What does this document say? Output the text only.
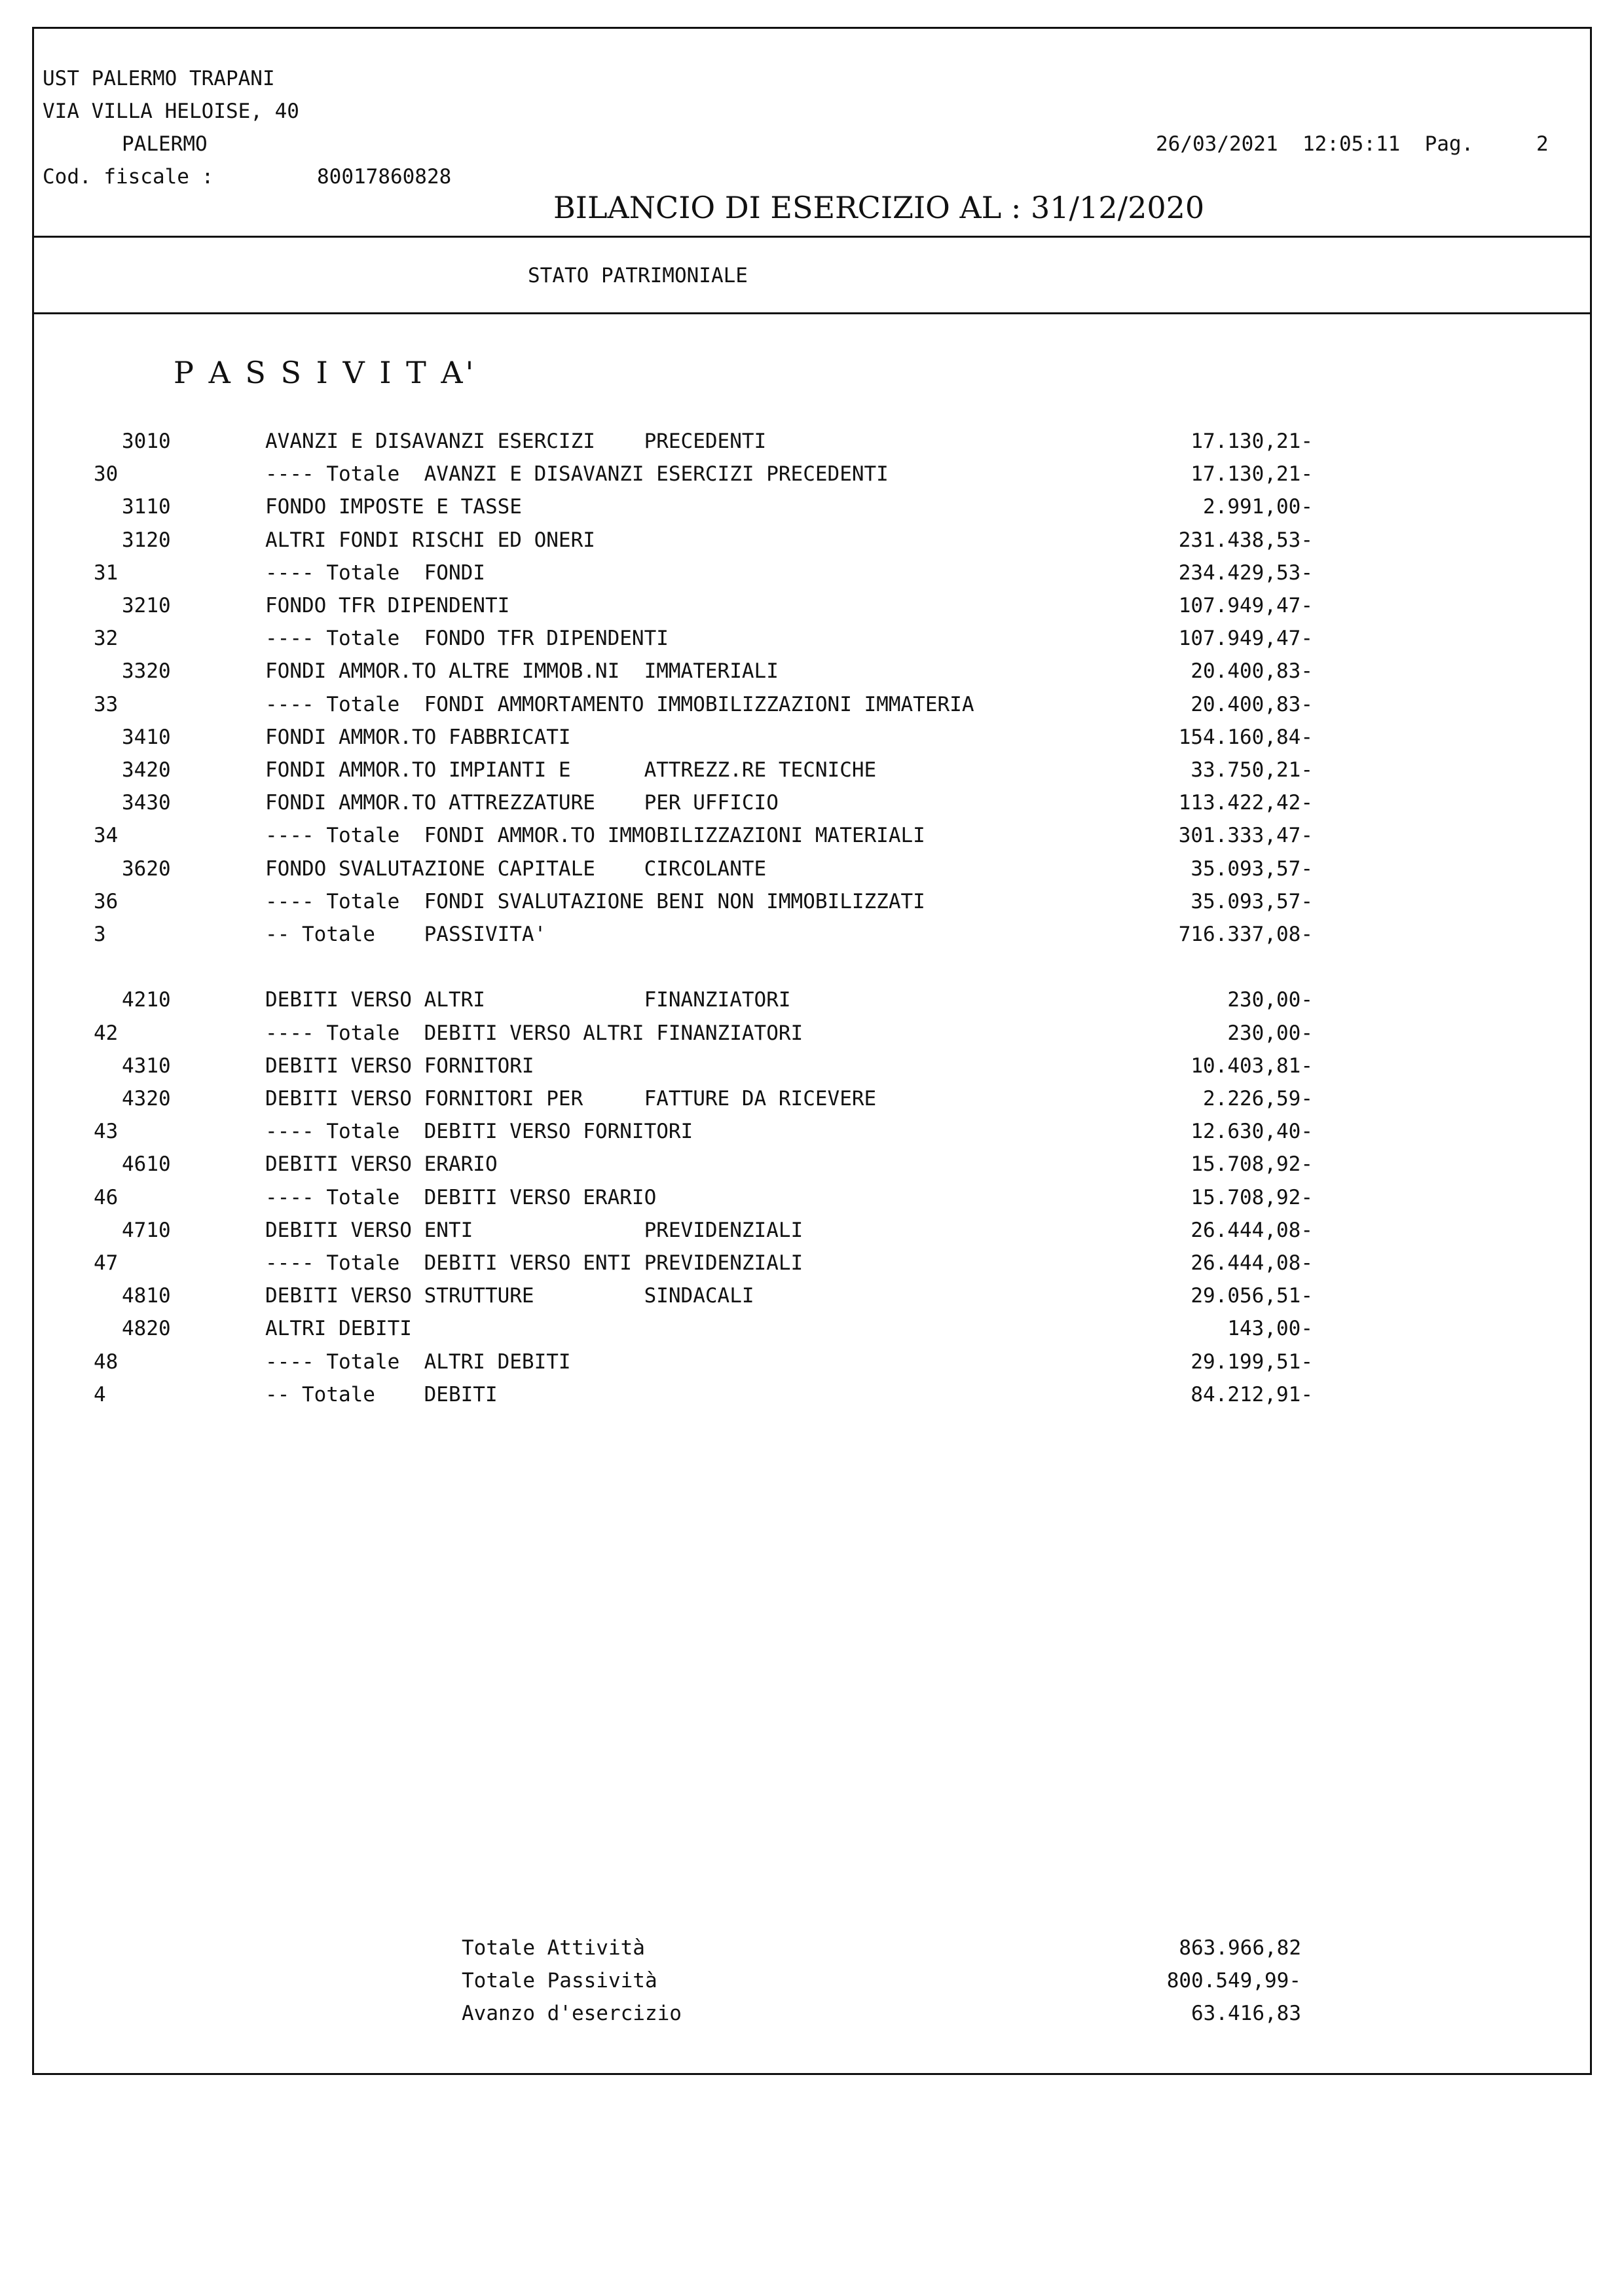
UST PALERMO TRAPANI
VIA VILLA HELOISE, 40
PALERMO
Cod. fiscale :	80017860828
26/03/2021  12:05:11  Pag.	2
BILANCIO DI ESERCIZIO AL : 31/12/2020
STATO PATRIMONIALE
P A S S I V I T A'
3010	AVANZI E DISAVANZI ESERCIZI    PRECEDENTI	17.130,21-
30	---- Totale  AVANZI E DISAVANZI ESERCIZI PRECEDENTI	17.130,21-
3110	FONDO IMPOSTE E TASSE	2.991,00-
3120	ALTRI FONDI RISCHI ED ONERI	231.438,53-
31	---- Totale  FONDI	234.429,53-
3210	FONDO TFR DIPENDENTI	107.949,47-
32	---- Totale  FONDO TFR DIPENDENTI	107.949,47-
3320	FONDI AMMOR.TO ALTRE IMMOB.NI  IMMATERIALI	20.400,83-
33	---- Totale  FONDI AMMORTAMENTO IMMOBILIZZAZIONI IMMATERIA	20.400,83-
3410	FONDI AMMOR.TO FABBRICATI	154.160,84-
3420	FONDI AMMOR.TO IMPIANTI E      ATTREZZ.RE TECNICHE	33.750,21-
3430	FONDI AMMOR.TO ATTREZZATURE    PER UFFICIO	113.422,42-
34	---- Totale  FONDI AMMOR.TO IMMOBILIZZAZIONI MATERIALI	301.333,47-
3620	FONDO SVALUTAZIONE CAPITALE    CIRCOLANTE	35.093,57-
36	---- Totale  FONDI SVALUTAZIONE BENI NON IMMOBILIZZATI	35.093,57-
3	-- Totale    PASSIVITA'	716.337,08-
4210	DEBITI VERSO ALTRI             FINANZIATORI	230,00-
42	---- Totale  DEBITI VERSO ALTRI FINANZIATORI	230,00-
4310	DEBITI VERSO FORNITORI	10.403,81-
4320	DEBITI VERSO FORNITORI PER     FATTURE DA RICEVERE	2.226,59-
43	---- Totale  DEBITI VERSO FORNITORI	12.630,40-
4610	DEBITI VERSO ERARIO	15.708,92-
46	---- Totale  DEBITI VERSO ERARIO	15.708,92-
4710	DEBITI VERSO ENTI              PREVIDENZIALI	26.444,08-
47	---- Totale  DEBITI VERSO ENTI PREVIDENZIALI	26.444,08-
4810	DEBITI VERSO STRUTTURE         SINDACALI	29.056,51-
4820	ALTRI DEBITI	143,00-
48	---- Totale  ALTRI DEBITI	29.199,51-
4	-- Totale    DEBITI	84.212,91-
Totale Attività	863.966,82
Totale Passività	800.549,99-
Avanzo d'esercizio	63.416,83
